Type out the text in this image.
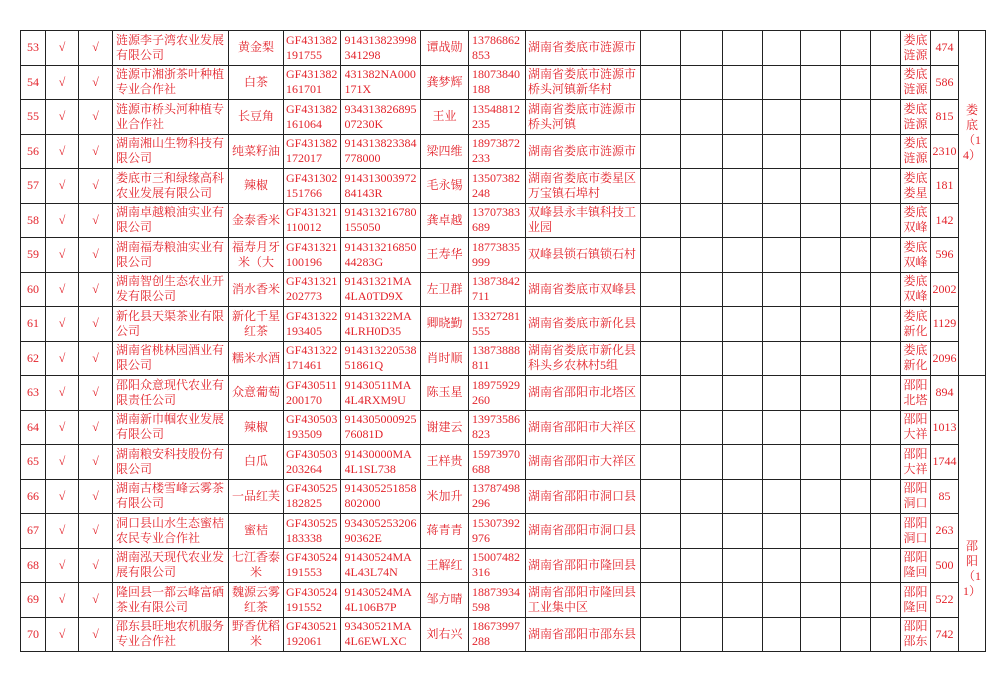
53	√	√	涟源李子湾农业发展有限公司	黄金梨	GF431382191755	914313823998341298	谭战勋	13786862853	湖南省娄底市涟源市								娄底涟源	474	娄底（14）

54	√	√	涟源市湘浙茶叶种植专业合作社	白茶	GF431382161701	431382NA000171X	龚梦辉	18073840188	湖南省娄底市涟源市桥头河镇新华村								娄底涟源	586	

55	√	√	涟源市桥头河种植专业合作社	长豆角	GF431382161064	93431382689507230K	王业	13548812235	湖南省娄底市涟源市桥头河镇								娄底涟源	815	

56	√	√	湖南湘山生物科技有限公司	纯菜籽油	GF431382172017	914313823384778000	梁四维	18973872233	湖南省娄底市涟源市								娄底涟源	2310	

57	√	√	娄底市三和绿缘高科农业发展有限公司	辣椒	GF431302151766	91431300397284143R	毛永锡	13507382248	湖南省娄底市娄星区万宝镇石埠村								娄底娄星	181	

58	√	√	湖南卓越粮油实业有限公司	金泰香米	GF431321110012	914313216780155050	龚卓越	13707383689	双峰县永丰镇科技工业园								娄底双峰	142	

59	√	√	湖南福寿粮油实业有限公司	福寿月牙米（大	GF431321100196	91431321685044283G	王寿华	18773835999	双峰县锁石镇锁石村								娄底双峰	596	

60	√	√	湖南智创生态农业开发有限公司	消水香米	GF431321202773	91431321MA4LA0TD9X	左卫群	13873842711	湖南省娄底市双峰县								娄底双峰	2002	

61	√	√	新化县天渠茶业有限公司	新化千星红茶	GF431322193405	91431322MA4LRH0D35	卿晓勤	13327281555	湖南省娄底市新化县								娄底新化	1129	

62	√	√	湖南省桃林园酒业有限公司	糯米水酒	GF431322171461	91431322053851861Q	肖时顺	13873888811	湖南省娄底市新化县科头乡农林村5组								娄底新化	2096	

63	√	√	邵阳众意现代农业有限责任公司	众意葡萄	GF430511200170	91430511MA4L4RXM9U	陈玉星	18975929260	湖南省邵阳市北塔区								邵阳北塔	894	邵阳（11）

64	√	√	湖南新巾帼农业发展有限公司	辣椒	GF430503193509	91430500092576081D	谢建云	13973586823	湖南省邵阳市大祥区								邵阳大祥	1013	

65	√	√	湖南粮安科技股份有限公司	白瓜	GF430503203264	91430000MA4L1SL738	王样贵	15973970688	湖南省邵阳市大祥区								邵阳大祥	1744	

66	√	√	湖南古楼雪峰云雾茶有限公司	一品红芙	GF430525182825	914305251858802000	米加升	13787498296	湖南省邵阳市洞口县								邵阳洞口	85	

67	√	√	洞口县山水生态蜜桔农民专业合作社	蜜桔	GF430525183338	93430525320690362E	蒋青青	15307392976	湖南省邵阳市洞口县								邵阳洞口	263	

68	√	√	湖南泓天现代农业发展有限公司	七江香泰米	GF430524191553	91430524MA4L43L74N	王解红	15007482316	湖南省邵阳市隆回县								邵阳隆回	500	

69	√	√	隆回县一都云峰富硒茶业有限公司	魏源云雾红茶	GF430524191552	91430524MA4L106B7P	邹方晴	18873934598	湖南省邵阳市隆回县工业集中区								邵阳隆回	522	

70	√	√	邵东县旺地农机服务专业合作社	野香优稻米	GF430521192061	93430521MA4L6EWLXC	刘右兴	18673997288	湖南省邵阳市邵东县								邵阳邵东	742	
